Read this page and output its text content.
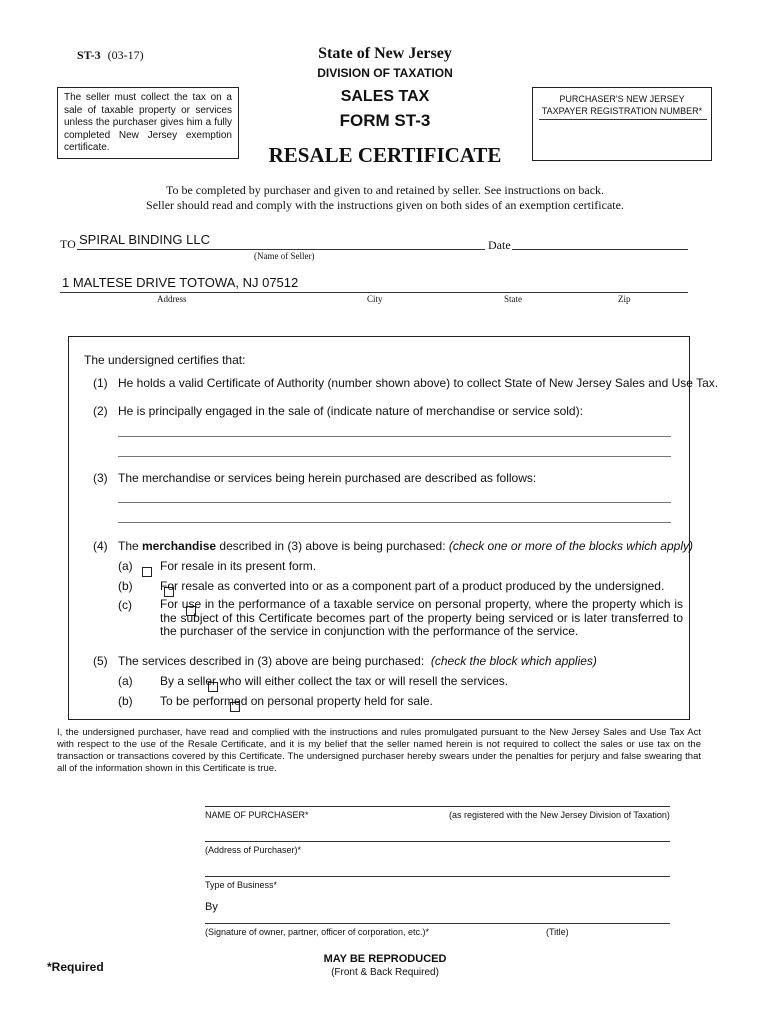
ST-3 (03-17)	State of New Jersey
DIVISION OF TAXATION
SALES TAX
FORM ST-3
RESALE CERTIFICATE
The seller must collect the tax on a sale of taxable property or services unless the purchaser gives him a fully completed New Jersey exemption certificate.
PURCHASER'S NEW JERSEY
TAXPAYER REGISTRATION NUMBER*
To be completed by purchaser and given to and retained by seller. See instructions on back.
Seller should read and comply with the instructions given on both sides of an exemption certificate.
TO SPIRAL BINDING LLC
(Name of Seller)
Date
1 MALTESE DRIVE TOTOWA, NJ 07512
Address	City	State	Zip
The undersigned certifies that:
(1) He holds a valid Certificate of Authority (number shown above) to collect State of New Jersey Sales and Use Tax.
(2) He is principally engaged in the sale of (indicate nature of merchandise or service sold):
(3) The merchandise or services being herein purchased are described as follows:
(4) The merchandise described in (3) above is being purchased: (check one or more of the blocks which apply)
(a)
For resale in its present form.
(b)
For resale as converted into or as a component part of a product produced by the undersigned.
(c)
For use in the performance of a taxable service on personal property, where the property which is the subject of this Certificate becomes part of the property being serviced or is later transferred to the purchaser of the service in conjunction with the performance of the service.
(5) The services described in (3) above are being purchased:  (check the block which applies)
(a)
By a seller who will either collect the tax or will resell the services.
(b) To be performed on personal property held for sale.
I, the undersigned purchaser, have read and complied with the instructions and rules promulgated pursuant to the New Jersey Sales and Use Tax Act with respect to the use of the Resale Certificate, and it is my belief that the seller named herein is not required to collect the sales or use tax on the transaction or transactions covered by this Certificate. The undersigned purchaser hereby swears under the penalties for perjury and false swearing that all of the information shown in this Certificate is true.
NAME OF PURCHASER*	(as registered with the New Jersey Division of Taxation)
(Address of Purchaser)*
Type of Business*
By
(Signature of owner, partner, officer of corporation, etc.)*	(Title)
*Required
MAY BE REPRODUCED
(Front & Back Required)
